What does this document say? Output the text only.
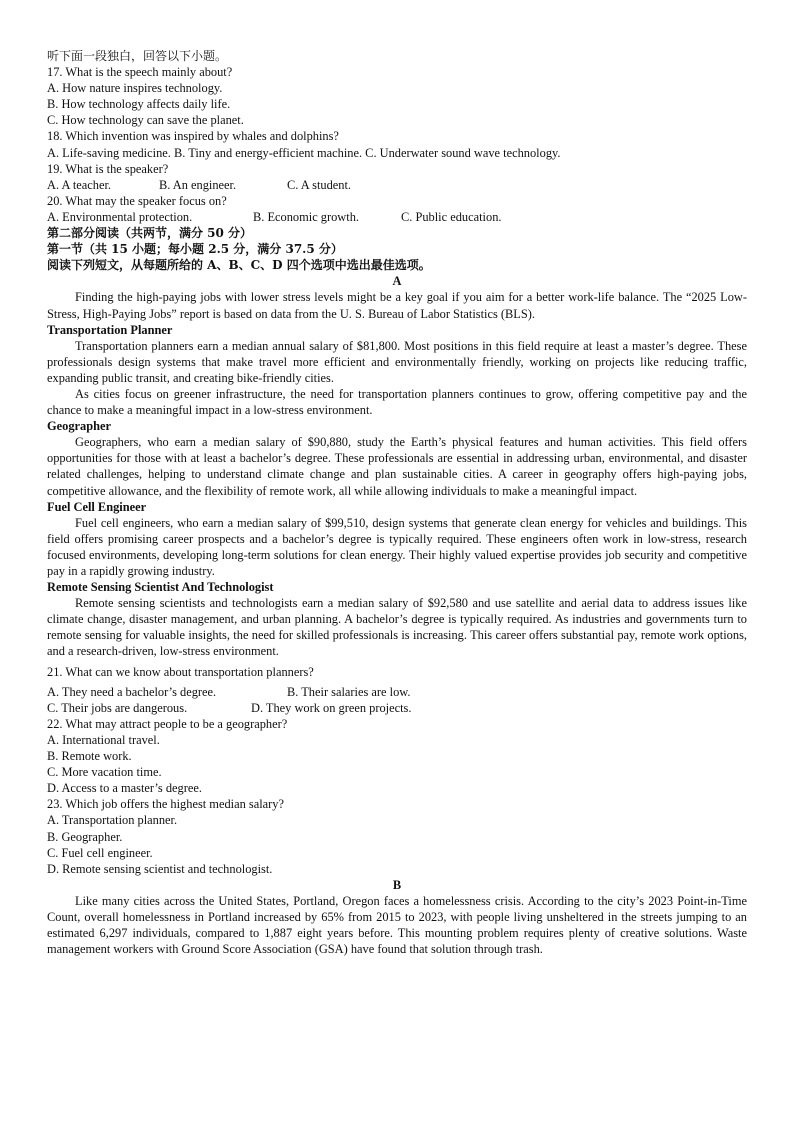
听下面一段独白，回答以下小题。
17. What is the speech mainly about?
A. How nature inspires technology.
B. How technology affects daily life.
C. How technology can save the planet.
18. Which invention was inspired by whales and dolphins?
A. Life-saving medicine. B. Tiny and energy-efficient machine. C. Underwater sound wave technology.
19. What is the speaker?
A. A teacher.	B. An engineer.	C. A student.
20. What may the speaker focus on?
A. Environmental protection.	B. Economic growth.	C. Public education.
第二部分阅读（共两节，满分 50 分）
第一节（共 15 小题；每小题 2.5 分，满分 37.5 分）
阅读下列短文，从每题所给的 A、B、C、D 四个选项中选出最佳选项。
A
Finding the high-paying jobs with lower stress levels might be a key goal if you aim for a better work-life balance. The “2025 Low-Stress, High-Paying Jobs” report is based on data from the U. S. Bureau of Labor Statistics (BLS).
Transportation Planner
Transportation planners earn a median annual salary of $81,800. Most positions in this field require at least a master’s degree. These professionals design systems that make travel more efficient and environmentally friendly, working on projects like reducing traffic, expanding public transit, and creating bike-friendly cities.
As cities focus on greener infrastructure, the need for transportation planners continues to grow, offering competitive pay and the chance to make a meaningful impact in a low-stress environment.
Geographer
Geographers, who earn a median salary of $90,880, study the Earth’s physical features and human activities. This field offers opportunities for those with at least a bachelor’s degree. These professionals are essential in addressing urban, environmental, and disaster related challenges, helping to understand climate change and plan sustainable cities. A career in geography offers high-paying jobs, competitive allowance, and the flexibility of remote work, all while allowing individuals to make a meaningful impact.
Fuel Cell Engineer
Fuel cell engineers, who earn a median salary of $99,510, design systems that generate clean energy for vehicles and buildings. This field offers promising career prospects and a bachelor’s degree is typically required. These engineers often work in low-stress, research focused environments, developing long-term solutions for clean energy. Their highly valued expertise provides job security and competitive pay in a rapidly growing industry.
Remote Sensing Scientist And Technologist
Remote sensing scientists and technologists earn a median salary of $92,580 and use satellite and aerial data to address issues like climate change, disaster management, and urban planning. A bachelor’s degree is typically required. As industries and governments turn to remote sensing for valuable insights, the need for skilled professionals is increasing. This career offers substantial pay, remote work options, and a research-driven, low-stress environment.
21. What can we know about transportation planners?
A. They need a bachelor’s degree.	B. Their salaries are low.
C. Their jobs are dangerous.	D. They work on green projects.
22. What may attract people to be a geographer?
A. International travel.
B. Remote work.
C. More vacation time.
D. Access to a master’s degree.
23. Which job offers the highest median salary?
A. Transportation planner.
B. Geographer.
C. Fuel cell engineer.
D. Remote sensing scientist and technologist.
B
Like many cities across the United States, Portland, Oregon faces a homelessness crisis. According to the city’s 2023 Point-in-Time Count, overall homelessness in Portland increased by 65% from 2015 to 2023, with people living unsheltered in the streets jumping to an estimated 6,297 individuals, compared to 1,887 eight years before. This mounting problem requires plenty of creative solutions. Waste management workers with Ground Score Association (GSA) have found that solution through trash.
